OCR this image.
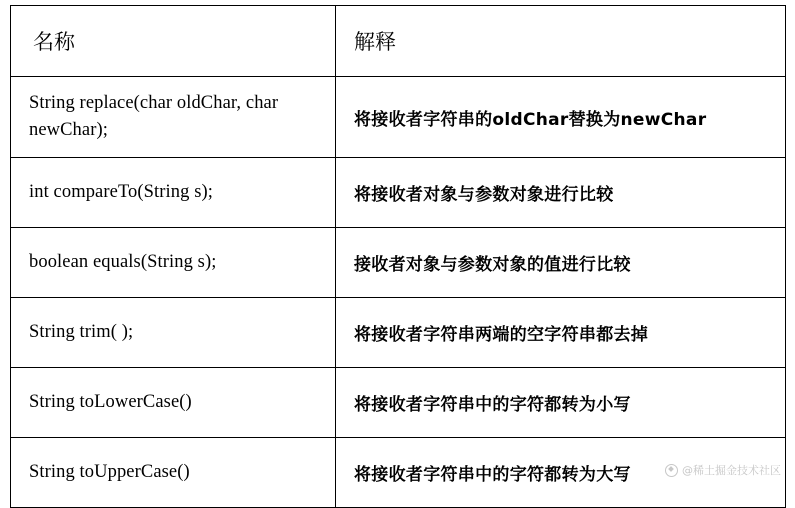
名称	解释
String replace(char oldChar, char newChar);	将接收者字符串的oldChar替换为newChar
int compareTo(String s);	将接收者对象与参数对象进行比较
boolean equals(String s);	接收者对象与参数对象的值进行比较
String trim( );	将接收者字符串两端的空字符串都去掉
String toLowerCase()	将接收者字符串中的字符都转为小写
String toUpperCase()	将接收者字符串中的字符都转为大写	@稀土掘金技术社区
